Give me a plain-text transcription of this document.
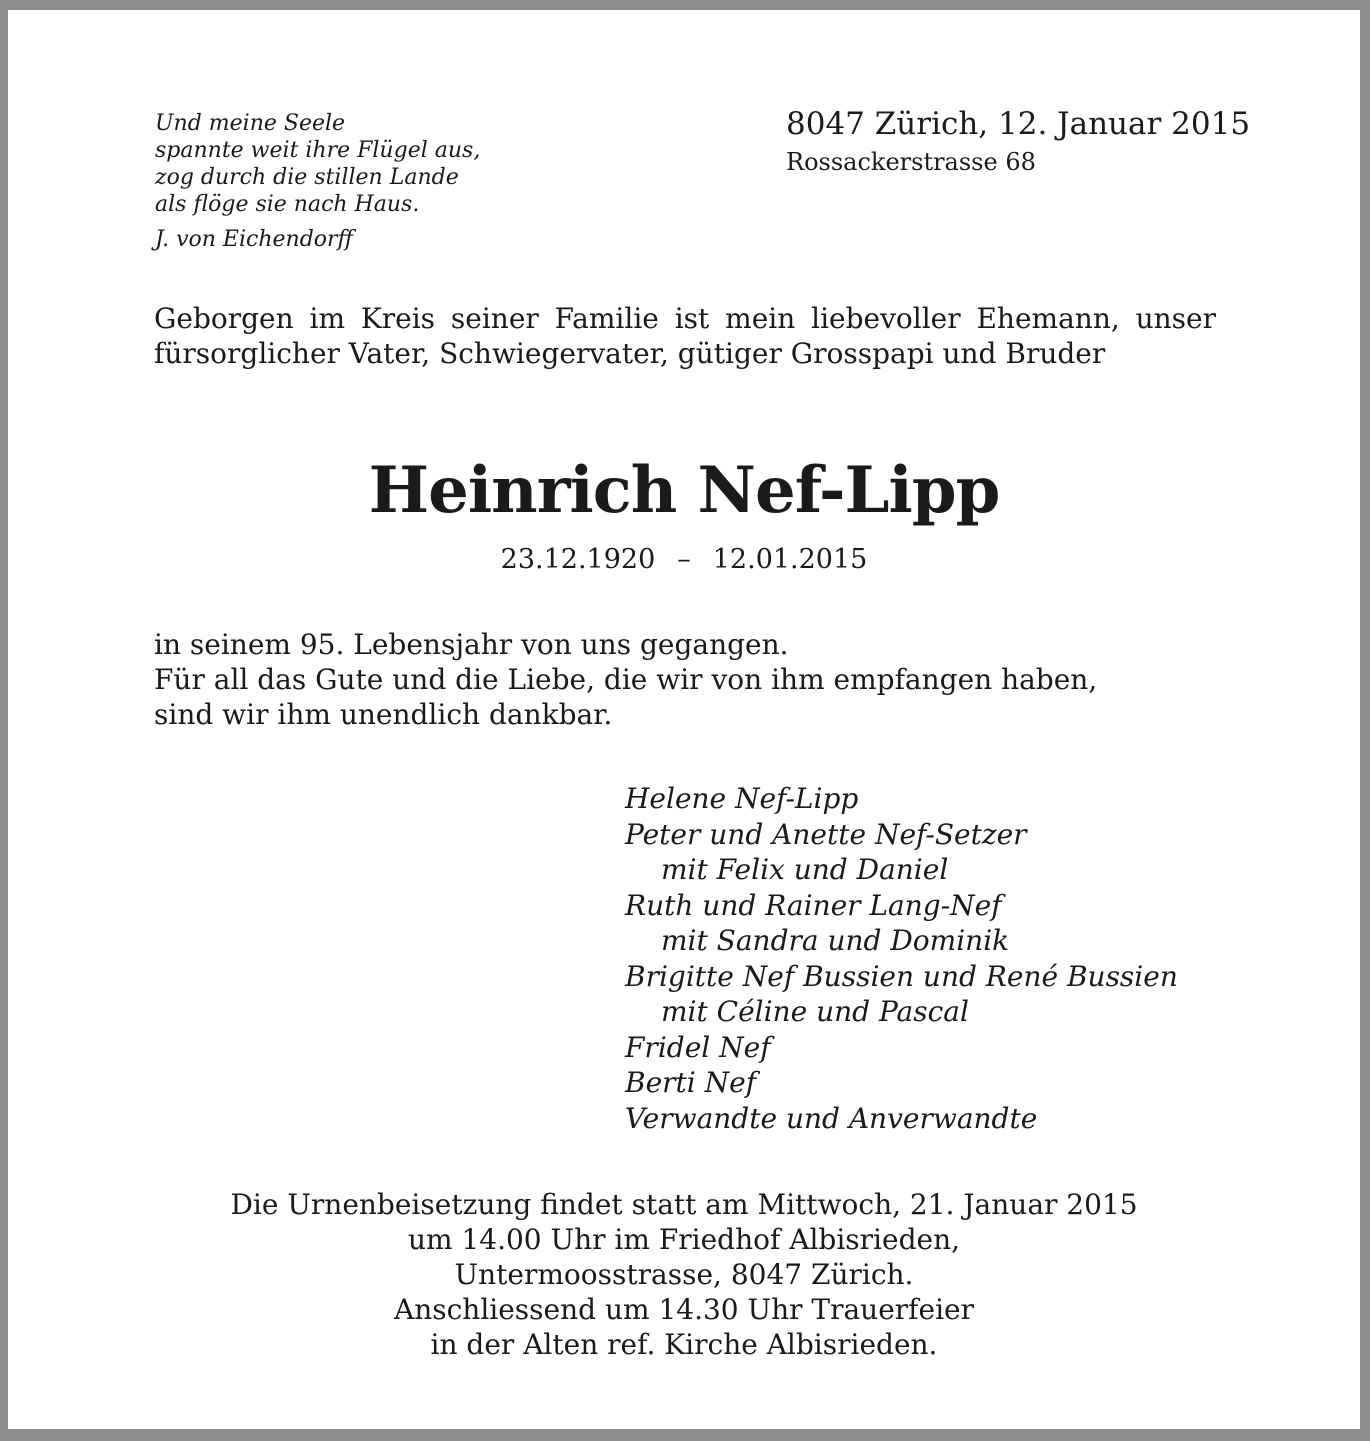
Und meine Seele
spannte weit ihre Flügel aus,
zog durch die stillen Lande
als flöge sie nach Haus.
J. von Eichendorff
8047 Zürich, 12. Januar 2015
Rossackerstrasse 68
Geborgen im Kreis seiner Familie ist mein liebevoller Ehemann, unser fürsorglicher Vater, Schwiegervater, gütiger Grosspapi und Bruder
Heinrich Nef-Lipp
23.12.1920 – 12.01.2015
in seinem 95. Lebensjahr von uns gegangen.
Für all das Gute und die Liebe, die wir von ihm empfangen haben,
sind wir ihm unendlich dankbar.
Helene Nef-Lipp
Peter und Anette Nef-Setzer
mit Felix und Daniel
Ruth und Rainer Lang-Nef
mit Sandra und Dominik
Brigitte Nef Bussien und René Bussien
mit Céline und Pascal
Fridel Nef
Berti Nef
Verwandte und Anverwandte
Die Urnenbeisetzung findet statt am Mittwoch, 21. Januar 2015
um 14.00 Uhr im Friedhof Albisrieden,
Untermoosstrasse, 8047 Zürich.
Anschliessend um 14.30 Uhr Trauerfeier
in der Alten ref. Kirche Albisrieden.
